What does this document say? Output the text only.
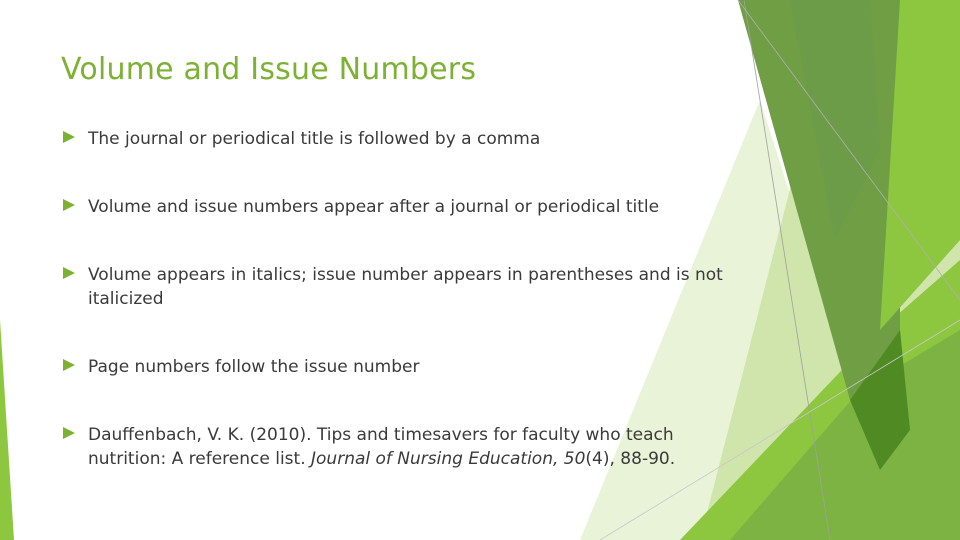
Volume and Issue Numbers
The journal or periodical title is followed by a comma
Volume and issue numbers appear after a journal or periodical title
Volume appears in italics; issue number appears in parentheses and is not italicized
Page numbers follow the issue number
Dauffenbach, V. K. (2010). Tips and timesavers for faculty who teach
nutrition: A reference list. Journal of Nursing Education, 50(4), 88-90.
